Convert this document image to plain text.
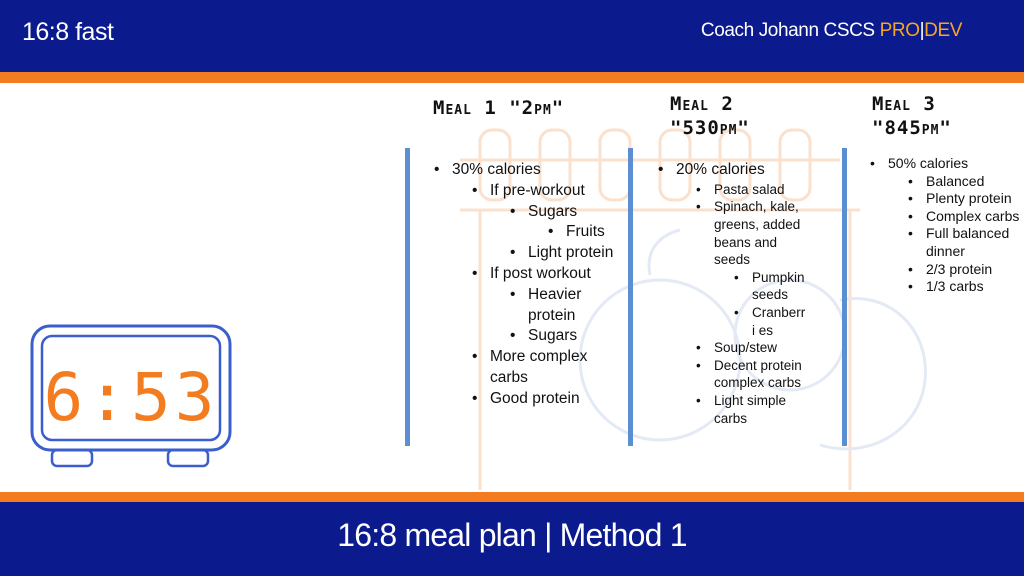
16:8 fast	Coach Johann CSCS PRO|DEV
6:53
Meal 1 "2pm"	Meal 2
"530pm"
Meal 3
"845pm"
• 30% calories
• If pre-workout
• Sugars
• Fruits
• Light protein
• If post workout
• Heavier protein
• Sugars
• More complex carbs
• Good protein
• 20% calories
• Pasta salad
• Spinach, kale, greens, added beans and seeds
• Pumpkin seeds
• Cranberri es
• Soup/stew
• Decent protein complex carbs
• Light simple carbs
• 50% calories
• Balanced
• Plenty protein
• Complex carbs
• Full balanced dinner
• 2/3 protein
• 1/3 carbs
16:8 meal plan | Method 1
